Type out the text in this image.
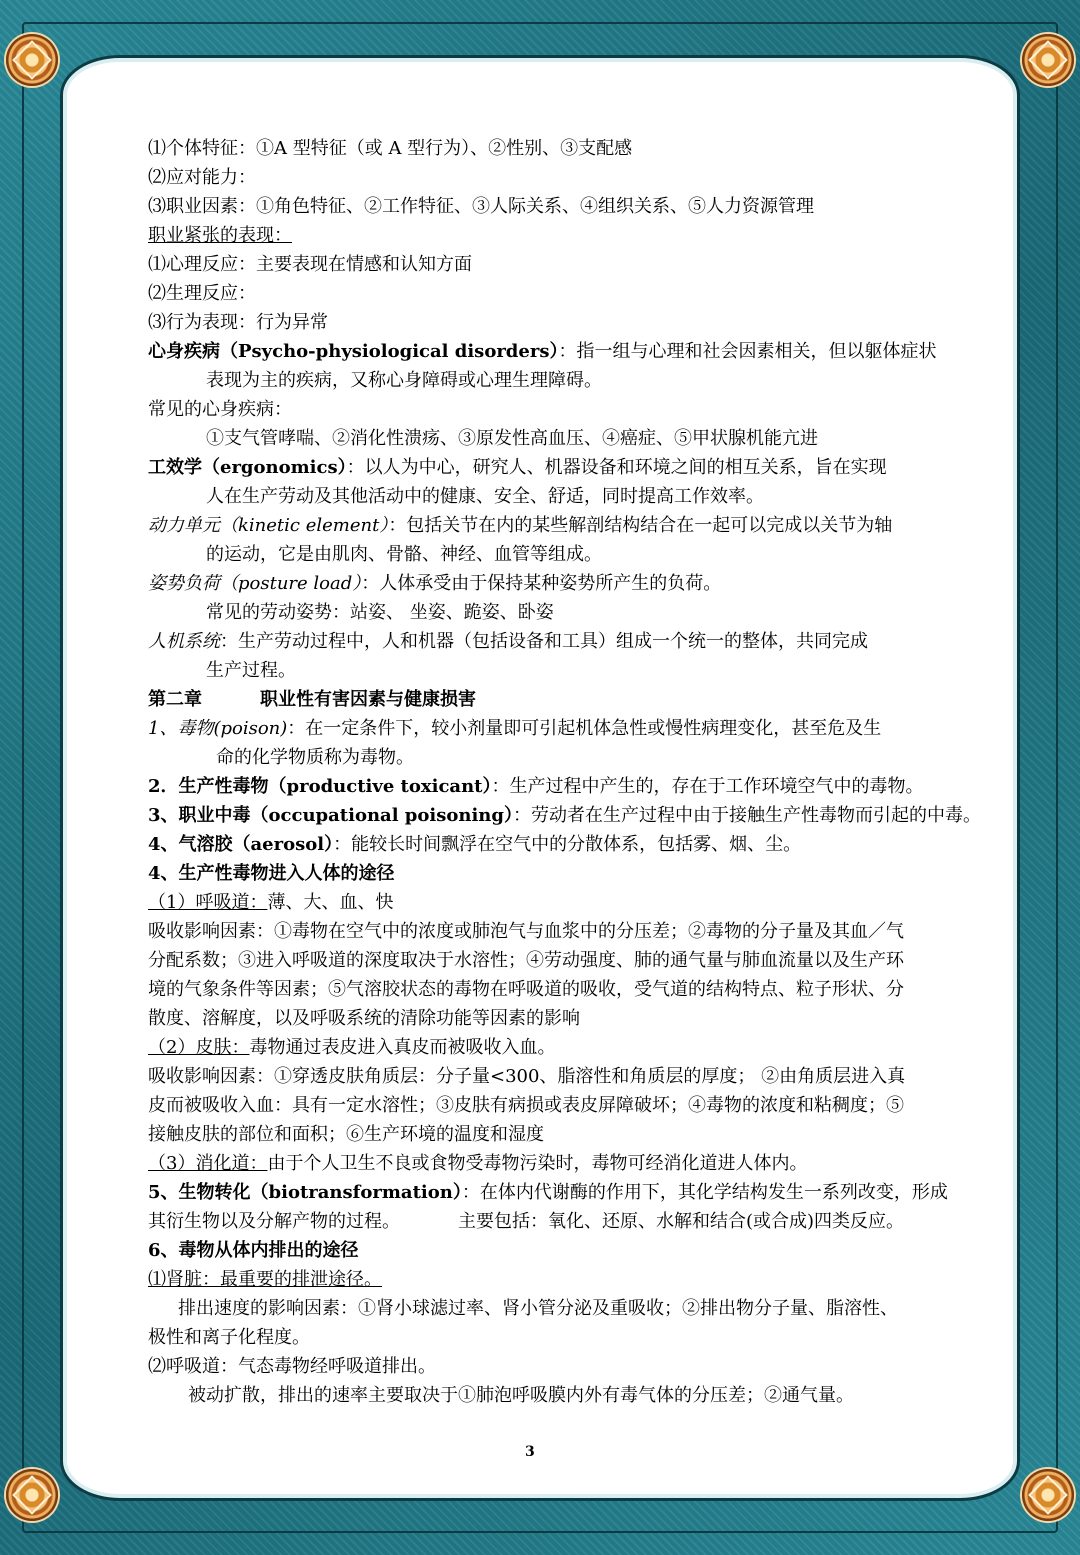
⑴个体特征：①A 型特征（或 A 型行为）、②性别、③支配感
⑵应对能力：
⑶职业因素：①角色特征、②工作特征、③人际关系、④组织关系、⑤人力资源管理
职业紧张的表现：
⑴心理反应：主要表现在情感和认知方面
⑵生理反应：
⑶行为表现：行为异常
心身疾病（Psycho-physiological disorders）：指一组与心理和社会因素相关，但以躯体症状
表现为主的疾病，又称心身障碍或心理生理障碍。
常见的心身疾病：
①支气管哮喘、②消化性溃疡、③原发性高血压、④癌症、⑤甲状腺机能亢进
工效学（ergonomics）：以人为中心，研究人、机器设备和环境之间的相互关系，旨在实现
人在生产劳动及其他活动中的健康、安全、舒适，同时提高工作效率。
动力单元（kinetic element）：包括关节在内的某些解剖结构结合在一起可以完成以关节为轴
的运动，它是由肌肉、骨骼、神经、血管等组成。
姿势负荷（posture load）：人体承受由于保持某种姿势所产生的负荷。
常见的劳动姿势：站姿、 坐姿、跪姿、卧姿
人机系统：生产劳动过程中，人和机器（包括设备和工具）组成一个统一的整体，共同完成
生产过程。
第二章	职业性有害因素与健康损害
1、毒物(poison)：在一定条件下，较小剂量即可引起机体急性或慢性病理变化，甚至危及生
命的化学物质称为毒物。
2．生产性毒物（productive toxicant）：生产过程中产生的，存在于工作环境空气中的毒物。
3、职业中毒（occupational poisoning）：劳动者在生产过程中由于接触生产性毒物而引起的中毒。
4、气溶胶（aerosol）：能较长时间飘浮在空气中的分散体系，包括雾、烟、尘。
4、生产性毒物进入人体的途径
（1）呼吸道：薄、大、血、快
吸收影响因素：①毒物在空气中的浓度或肺泡气与血浆中的分压差；②毒物的分子量及其血／气
分配系数；③进入呼吸道的深度取决于水溶性；④劳动强度、肺的通气量与肺血流量以及生产环
境的气象条件等因素；⑤气溶胶状态的毒物在呼吸道的吸收，受气道的结构特点、粒子形状、分
散度、溶解度，以及呼吸系统的清除功能等因素的影响
（2）皮肤：毒物通过表皮进入真皮而被吸收入血。
吸收影响因素：①穿透皮肤角质层：分子量<300、脂溶性和角质层的厚度； ②由角质层进入真
皮而被吸收入血：具有一定水溶性；③皮肤有病损或表皮屏障破坏；④毒物的浓度和粘稠度；⑤
接触皮肤的部位和面积；⑥生产环境的温度和湿度
（3）消化道：由于个人卫生不良或食物受毒物污染时，毒物可经消化道进人体内。
5、生物转化（biotransformation）：在体内代谢酶的作用下，其化学结构发生一系列改变，形成
其衍生物以及分解产物的过程。	主要包括：氧化、还原、水解和结合(或合成)四类反应。
6、毒物从体内排出的途径
⑴肾脏：最重要的排泄途径。
排出速度的影响因素：①肾小球滤过率、肾小管分泌及重吸收；②排出物分子量、脂溶性、
极性和离子化程度。
⑵呼吸道：气态毒物经呼吸道排出。
被动扩散，排出的速率主要取决于①肺泡呼吸膜内外有毒气体的分压差；②通气量。
3
